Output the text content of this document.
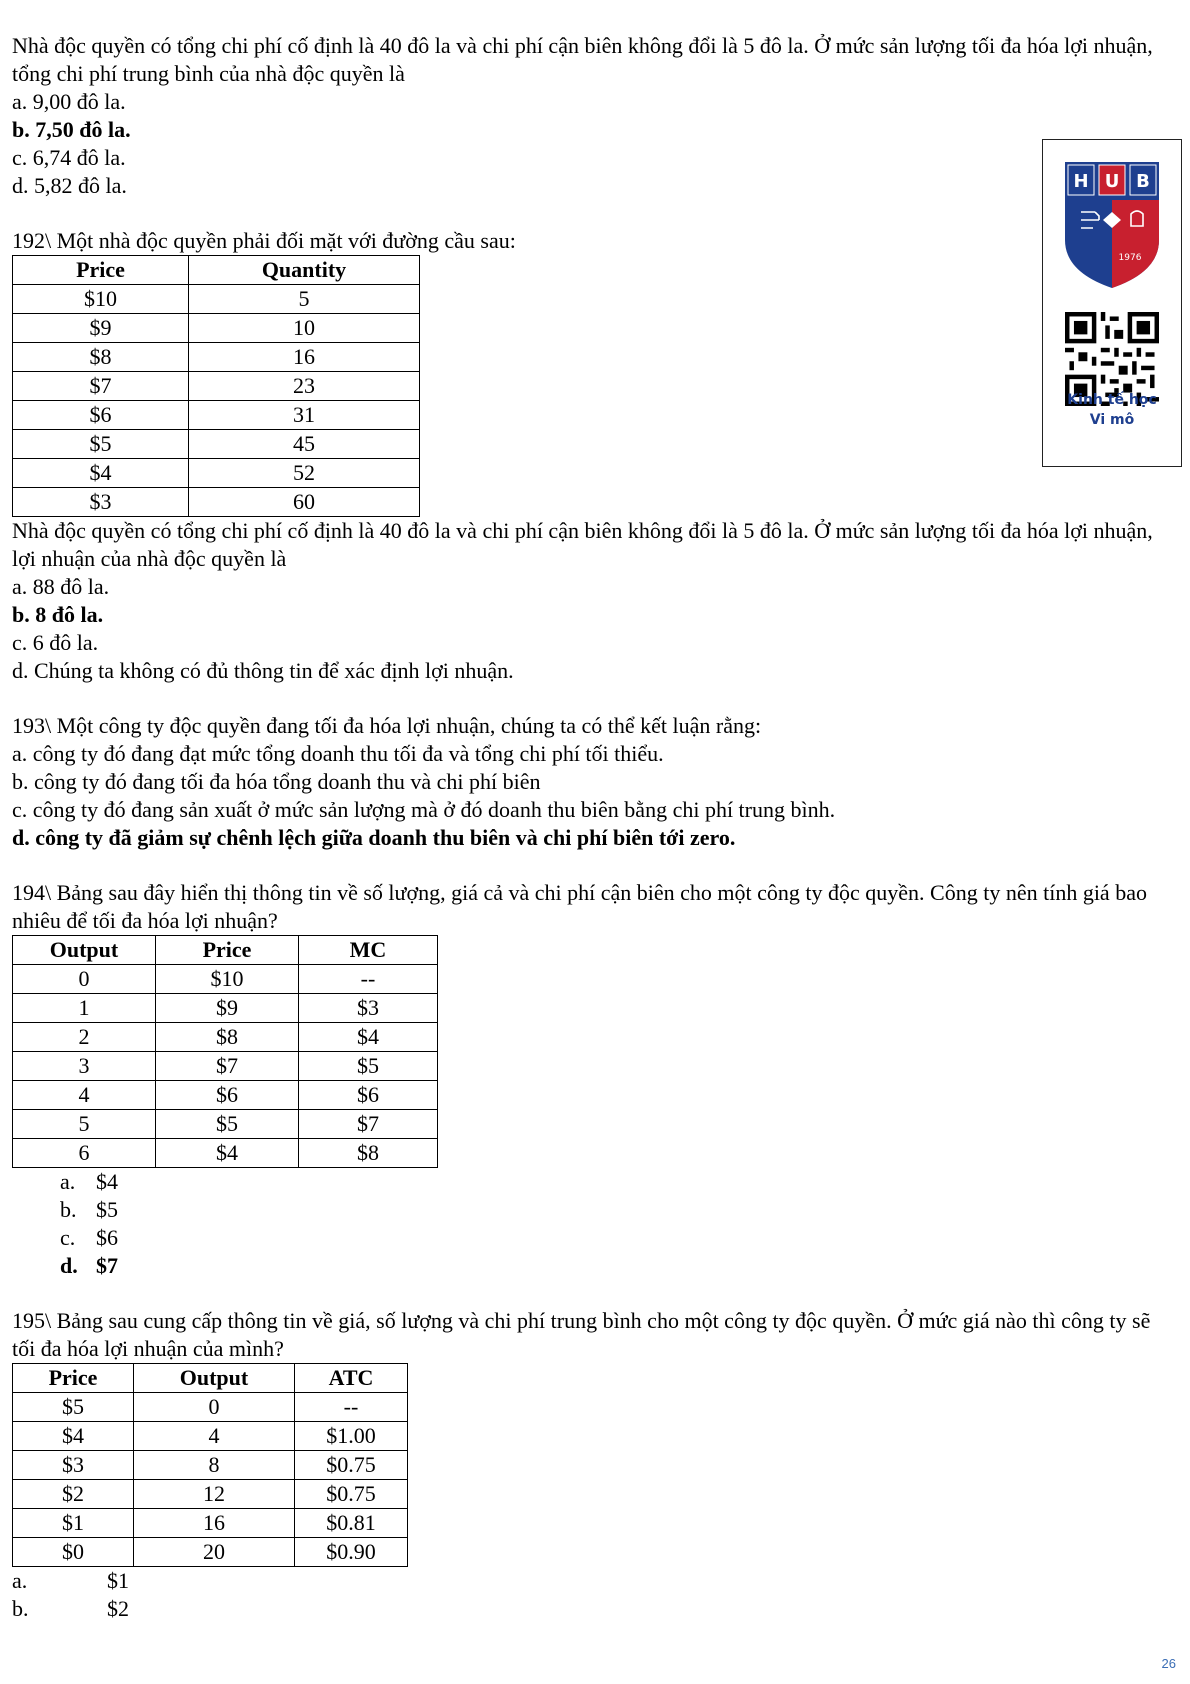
Nhà độc quyền có tổng chi phí cố định là 40 đô la và chi phí cận biên không đổi là 5 đô la. Ở mức sản lượng tối đa hóa lợi nhuận, tổng chi phí trung bình của nhà độc quyền là

a. 9,00 đô la.

b. 7,50 đô la.

c. 6,74 đô la.

d. 5,82 đô la.

192\ Một nhà độc quyền phải đối mặt với đường cầu sau:

Price	Quantity
$10	5
$9	10
$8	16
$7	23
$6	31
$5	45
$4	52
$3	60

Nhà độc quyền có tổng chi phí cố định là 40 đô la và chi phí cận biên không đổi là 5 đô la. Ở mức sản lượng tối đa hóa lợi nhuận, lợi nhuận của nhà độc quyền là

a. 88 đô la.

b. 8 đô la.

c. 6 đô la.

d. Chúng ta không có đủ thông tin để xác định lợi nhuận.

193\ Một công ty độc quyền đang tối đa hóa lợi nhuận, chúng ta có thể kết luận rằng:

a. công ty đó đang đạt mức tổng doanh thu tối đa và tổng chi phí tối thiểu.

b. công ty đó đang tối đa hóa tổng doanh thu và chi phí biên

c. công ty đó đang sản xuất ở mức sản lượng mà ở đó doanh thu biên bằng chi phí trung bình.

d. công ty đã giảm sự chênh lệch giữa doanh thu biên và chi phí biên tới zero.

194\ Bảng sau đây hiển thị thông tin về số lượng, giá cả và chi phí cận biên cho một công ty độc quyền. Công ty nên tính giá bao nhiêu để tối đa hóa lợi nhuận?

Output	Price	MC
0	$10	--
1	$9	$3
2	$8	$4
3	$7	$5
4	$6	$6
5	$5	$7
6	$4	$8

a. $4

b. $5

c. $6

d. $7

195\ Bảng sau cung cấp thông tin về giá, số lượng và chi phí trung bình cho một công ty độc quyền. Ở mức giá nào thì công ty sẽ tối đa hóa lợi nhuận của mình?

Price	Output	ATC
$5	0	--
$4	4	$1.00
$3	8	$0.75
$2	12	$0.75
$1	16	$0.81
$0	20	$0.90

a.	$1

b.	$2

H U B
1976
Kinh tế học
Vi mô
26
